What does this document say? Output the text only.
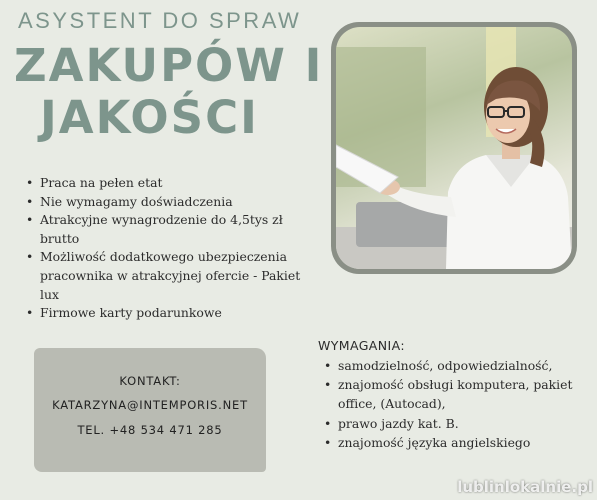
ASYSTENT DO SPRAW
ZAKUPÓW I
JAKOŚCI
• Praca na pełen etat
• Nie wymagamy doświadczenia
• Atrakcyjne wynagrodzenie do 4,5tys zł brutto
• Możliwość dodatkowego ubezpieczenia pracownika w atrakcyjnej ofercie - Pakiet lux
• Firmowe karty podarunkowe
KONTAKT:
KATARZYNA@INTEMPORIS.NET
TEL. +48 534 471 285
WYMAGANIA:
• samodzielność, odpowiedzialność,
• znajomość obsługi komputera, pakiet office, (Autocad),
• prawo jazdy kat. B.
• znajomość języka angielskiego
lublinlokalnie.pl
